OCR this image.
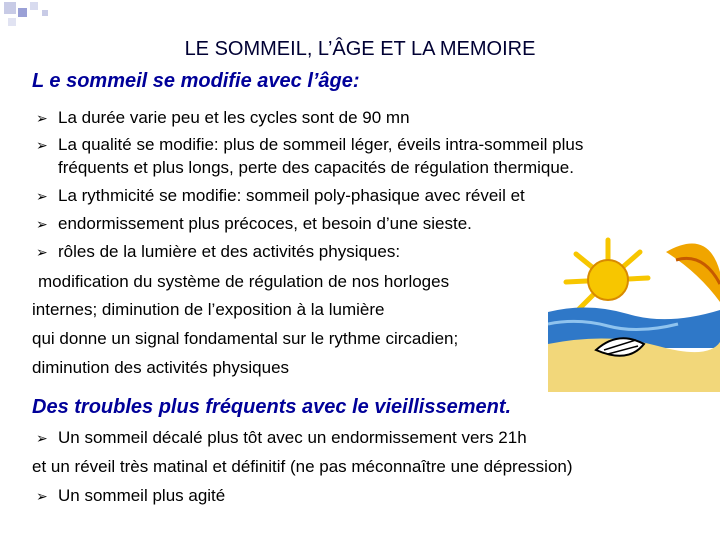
LE SOMMEIL, L’ÂGE ET LA MEMOIRE
L e sommeil se modifie avec l’âge:
➢ La durée varie peu et les cycles sont de 90 mn
➢ La qualité se modifie: plus de sommeil léger, éveils intra-sommeil plus
fréquents et plus longs, perte des capacités de régulation thermique.
➢ La rythmicité se modifie: sommeil poly-phasique avec réveil et
➢ endormissement plus précoces, et besoin d’une sieste.
➢ rôles de la lumière et des activités physiques:
modification du système de régulation de nos horloges
internes; diminution de l’exposition à la lumière
qui donne un signal fondamental sur le rythme circadien;
diminution des activités physiques
Des troubles plus fréquents avec le vieillissement.
➢ Un sommeil décalé plus tôt avec un endormissement vers 21h
et un réveil très matinal et définitif (ne pas méconnaître une dépression)
➢ Un sommeil plus agité
